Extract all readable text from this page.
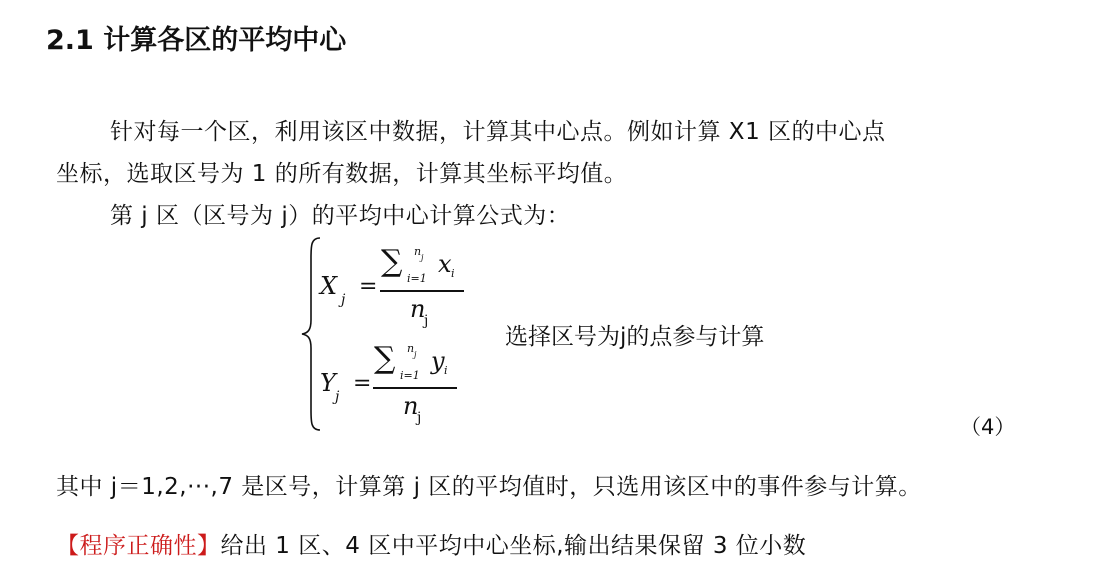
2.1 计算各区的平均中心
针对每一个区，利用该区中数据，计算其中心点。例如计算 X1 区的中心点
坐标，选取区号为 1 的所有数据，计算其坐标平均值。
第 j 区（区号为 j）的平均中心计算公式为：
X j
=
∑ n j
i=1
x i
n
j
选择区号为j的点参与计算
Y j
=
∑ n j
i=1
y i
n
j	（4）
其中 j＝1,2,···,7 是区号，计算第 j 区的平均值时，只选用该区中的事件参与计算。
【程序正确性】给出 1 区、4 区中平均中心坐标,输出结果保留 3 位小数
